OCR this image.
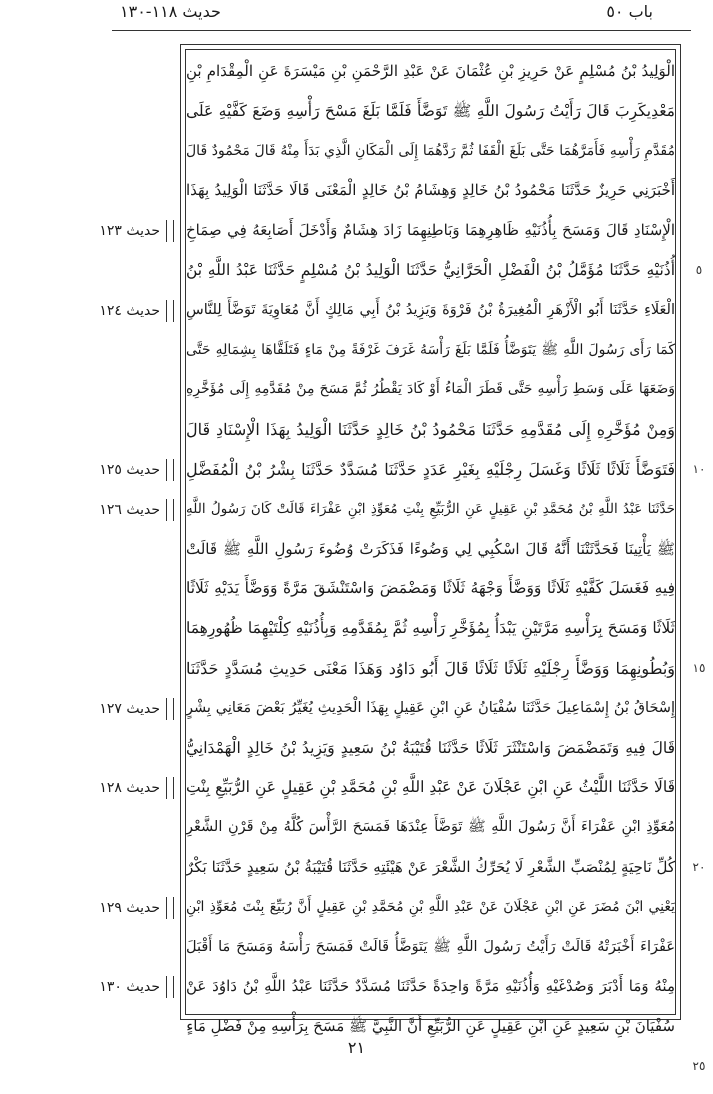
حديث ١١٨-١٣٠	باب ٥٠
الْوَلِيدُ بْنُ مُسْلِمٍ عَنْ حَرِيزِ بْنِ عُثْمَانَ عَنْ عَبْدِ الرَّحْمَنِ بْنِ مَيْسَرَةَ عَنِ الْمِقْدَامِ بْنِ
مَعْدِيكَرِبَ قَالَ رَأَيْتُ رَسُولَ اللَّهِ ﷺ تَوَضَّأَ فَلَمَّا بَلَغَ مَسْحَ رَأْسِهِ وَضَعَ كَفَّيْهِ عَلَى
مُقَدَّمِ رَأْسِهِ فَأَمَرَّهُمَا حَتَّى بَلَغَ الْقَفَا ثُمَّ رَدَّهُمَا إِلَى الْمَكَانِ الَّذِي بَدَأَ مِنْهُ قَالَ مَحْمُودٌ قَالَ
أَخْبَرَنِي حَرِيزٌ حَدَّثَنَا مَحْمُودُ بْنُ خَالِدٍ وَهِشَامُ بْنُ خَالِدٍ الْمَعْنَى قَالَا حَدَّثَنَا الْوَلِيدُ بِهَذَا
الْإِسْنَادِ قَالَ وَمَسَحَ بِأُذُنَيْهِ ظَاهِرِهِمَا وَبَاطِنِهِمَا زَادَ هِشَامٌ وَأَدْخَلَ أَصَابِعَهُ فِي صِمَاخِ
أُذُنَيْهِ حَدَّثَنَا مُؤَمَّلُ بْنُ الْفَضْلِ الْحَرَّانِيُّ حَدَّثَنَا الْوَلِيدُ بْنُ مُسْلِمٍ حَدَّثَنَا عَبْدُ اللَّهِ بْنُ
الْعَلَاءِ حَدَّثَنَا أَبُو الْأَزْهَرِ الْمُغِيرَةُ بْنُ فَرْوَةَ وَيَزِيدُ بْنُ أَبِي مَالِكٍ أَنَّ مُعَاوِيَةَ تَوَضَّأَ لِلنَّاسِ
كَمَا رَأَى رَسُولَ اللَّهِ ﷺ يَتَوَضَّأُ فَلَمَّا بَلَغَ رَأْسَهُ غَرَفَ غَرْفَةً مِنْ مَاءٍ فَتَلَقَّاهَا بِشِمَالِهِ حَتَّى
وَضَعَهَا عَلَى وَسَطِ رَأْسِهِ حَتَّى قَطَرَ الْمَاءُ أَوْ كَادَ يَقْطُرُ ثُمَّ مَسَحَ مِنْ مُقَدَّمِهِ إِلَى مُؤَخَّرِهِ
وَمِنْ مُؤَخَّرِهِ إِلَى مُقَدَّمِهِ حَدَّثَنَا مَحْمُودُ بْنُ خَالِدٍ حَدَّثَنَا الْوَلِيدُ بِهَذَا الْإِسْنَادِ قَالَ
فَتَوَضَّأَ ثَلَاثًا ثَلَاثًا وَغَسَلَ رِجْلَيْهِ بِغَيْرِ عَدَدٍ حَدَّثَنَا مُسَدَّدٌ حَدَّثَنَا بِشْرُ بْنُ الْمُفَضَّلِ
حَدَّثَنَا عَبْدُ اللَّهِ بْنُ مُحَمَّدِ بْنِ عَقِيلٍ عَنِ الرُّبَيِّعِ بِنْتِ مُعَوِّذِ ابْنِ عَفْرَاءَ قَالَتْ كَانَ رَسُولُ اللَّهِ
ﷺ يَأْتِينَا فَحَدَّثَتْنَا أَنَّهُ قَالَ اسْكُبِي لِي وَضُوءًا فَذَكَرَتْ وُضُوءَ رَسُولِ اللَّهِ ﷺ قَالَتْ
فِيهِ فَغَسَلَ كَفَّيْهِ ثَلَاثًا وَوَضَّأَ وَجْهَهُ ثَلَاثًا وَمَضْمَضَ وَاسْتَنْشَقَ مَرَّةً وَوَضَّأَ يَدَيْهِ ثَلَاثًا
ثَلَاثًا وَمَسَحَ بِرَأْسِهِ مَرَّتَيْنِ يَبْدَأُ بِمُؤَخَّرِ رَأْسِهِ ثُمَّ بِمُقَدَّمِهِ وَبِأُذُنَيْهِ كِلْتَيْهِمَا ظُهُورِهِمَا
وَبُطُونِهِمَا وَوَضَّأَ رِجْلَيْهِ ثَلَاثًا ثَلَاثًا قَالَ أَبُو دَاوُد وَهَذَا مَعْنَى حَدِيثِ مُسَدَّدٍ حَدَّثَنَا
إِسْحَاقُ بْنُ إِسْمَاعِيلَ حَدَّثَنَا سُفْيَانُ عَنِ ابْنِ عَقِيلٍ بِهَذَا الْحَدِيثِ يُغَيِّرُ بَعْضَ مَعَانِي بِشْرٍ
قَالَ فِيهِ وَتَمَضْمَضَ وَاسْتَنْثَرَ ثَلَاثًا حَدَّثَنَا قُتَيْبَةُ بْنُ سَعِيدٍ وَيَزِيدُ بْنُ خَالِدٍ الْهَمْدَانِيُّ
قَالَا حَدَّثَنَا اللَّيْثُ عَنِ ابْنِ عَجْلَانَ عَنْ عَبْدِ اللَّهِ بْنِ مُحَمَّدِ بْنِ عَقِيلٍ عَنِ الرُّبَيِّعِ بِنْتِ
مُعَوِّذِ ابْنِ عَفْرَاءَ أَنَّ رَسُولَ اللَّهِ ﷺ تَوَضَّأَ عِنْدَهَا فَمَسَحَ الرَّأْسَ كُلَّهُ مِنْ قَرْنِ الشَّعْرِ
كُلِّ نَاحِيَةٍ لِمُنْصَبِّ الشَّعْرِ لَا يُحَرِّكُ الشَّعْرَ عَنْ هَيْئَتِهِ حَدَّثَنَا قُتَيْبَةُ بْنُ سَعِيدٍ حَدَّثَنَا بَكْرٌ
يَعْنِي ابْنَ مُضَرَ عَنِ ابْنِ عَجْلَانَ عَنْ عَبْدِ اللَّهِ بْنِ مُحَمَّدِ بْنِ عَقِيلٍ أَنَّ رُبَيِّعَ بِنْتَ مُعَوِّذِ ابْنِ
عَفْرَاءَ أَخْبَرَتْهُ قَالَتْ رَأَيْتُ رَسُولَ اللَّهِ ﷺ يَتَوَضَّأُ قَالَتْ فَمَسَحَ رَأْسَهُ وَمَسَحَ مَا أَقْبَلَ
مِنْهُ وَمَا أَدْبَرَ وَصُدْغَيْهِ وَأُذُنَيْهِ مَرَّةً وَاحِدَةً حَدَّثَنَا مُسَدَّدٌ حَدَّثَنَا عَبْدُ اللَّهِ بْنُ دَاوُدَ عَنْ
سُفْيَانَ بْنِ سَعِيدٍ عَنِ ابْنِ عَقِيلٍ عَنِ الرُّبَيِّعِ أَنَّ النَّبِيَّ ﷺ مَسَحَ بِرَأْسِهِ مِنْ فَضْلِ مَاءٍ
حدیث ۱۲۳
حدیث ۱۲٤
حدیث ۱۲٥
حدیث ۱۲٦
حدیث ۱۲۷
حدیث ۱۲۸
حدیث ۱۲۹
حدیث ۱۳۰
٥
١٠
١٥
٢٠
٢٥
٢١
